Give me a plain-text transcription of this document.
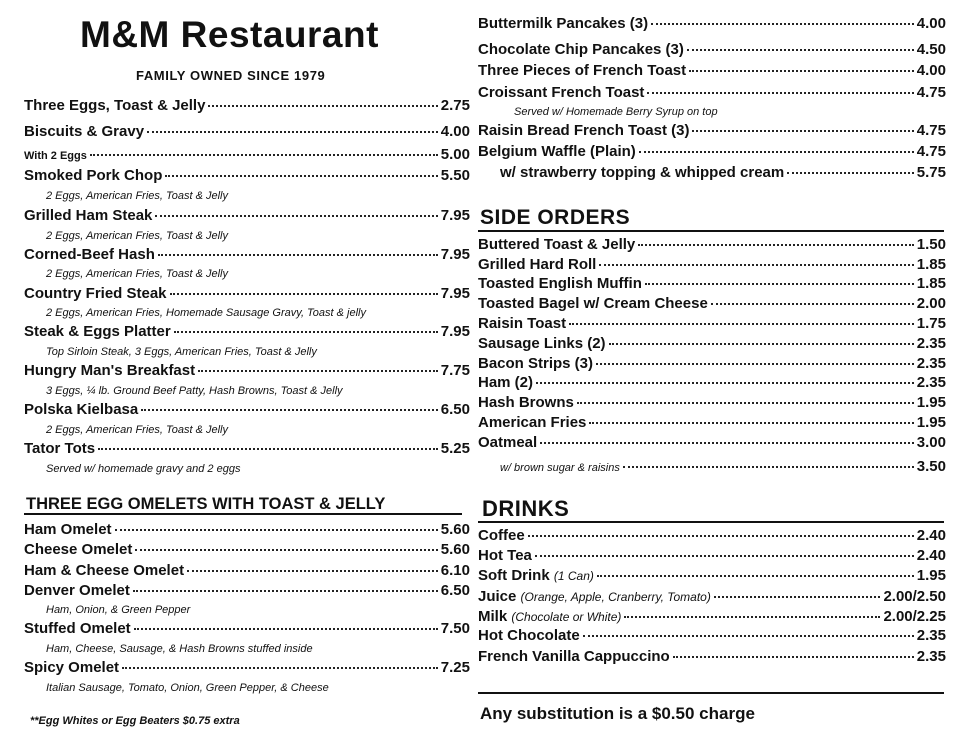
M&M Restaurant
FAMILY OWNED SINCE 1979
Three Eggs, Toast & Jelly	2.75
Biscuits & Gravy	4.00
With 2 Eggs	5.00
Smoked Pork Chop	5.50
2 Eggs, American Fries, Toast & Jelly
Grilled Ham Steak	7.95
2 Eggs, American Fries, Toast & Jelly
Corned-Beef Hash	7.95
2 Eggs, American Fries, Toast & Jelly
Country Fried Steak	7.95
2 Eggs, American Fries, Homemade Sausage Gravy, Toast & jelly
Steak & Eggs Platter	7.95
Top Sirloin Steak, 3 Eggs, American Fries, Toast & Jelly
Hungry Man's Breakfast	7.75
3 Eggs, ¼ lb. Ground Beef Patty, Hash Browns, Toast & Jelly
Polska Kielbasa	6.50
2 Eggs, American Fries, Toast & Jelly
Tator Tots	5.25
Served w/ homemade gravy and 2 eggs
THREE EGG OMELETS WITH TOAST & JELLY
Ham Omelet	5.60
Cheese Omelet	5.60
Ham & Cheese Omelet	6.10
Denver Omelet	6.50
Ham, Onion, & Green Pepper
Stuffed Omelet	7.50
Ham, Cheese, Sausage, & Hash Browns stuffed inside
Spicy Omelet	7.25
Italian Sausage, Tomato, Onion, Green Pepper, & Cheese
**Egg Whites or Egg Beaters $0.75 extra
Buttermilk Pancakes (3)	4.00
Chocolate Chip Pancakes (3)	4.50
Three Pieces of French Toast	4.00
Croissant French Toast	4.75
Served w/ Homemade Berry Syrup on top
Raisin Bread French Toast (3)	4.75
Belgium Waffle (Plain)	4.75
w/ strawberry topping & whipped cream	5.75
SIDE ORDERS
Buttered Toast & Jelly	1.50
Grilled Hard Roll	1.85
Toasted English Muffin	1.85
Toasted Bagel w/ Cream Cheese	2.00
Raisin Toast	1.75
Sausage Links (2)	2.35
Bacon Strips (3)	2.35
Ham (2)	2.35
Hash Browns	1.95
American Fries	1.95
Oatmeal	3.00
w/ brown sugar & raisins	3.50
DRINKS
Coffee	2.40
Hot Tea	2.40
Soft Drink (1 Can)	1.95
Juice (Orange, Apple, Cranberry, Tomato)	2.00/2.50
Milk (Chocolate or White)	2.00/2.25
Hot Chocolate	2.35
French Vanilla Cappuccino	2.35
Any substitution is a $0.50 charge
